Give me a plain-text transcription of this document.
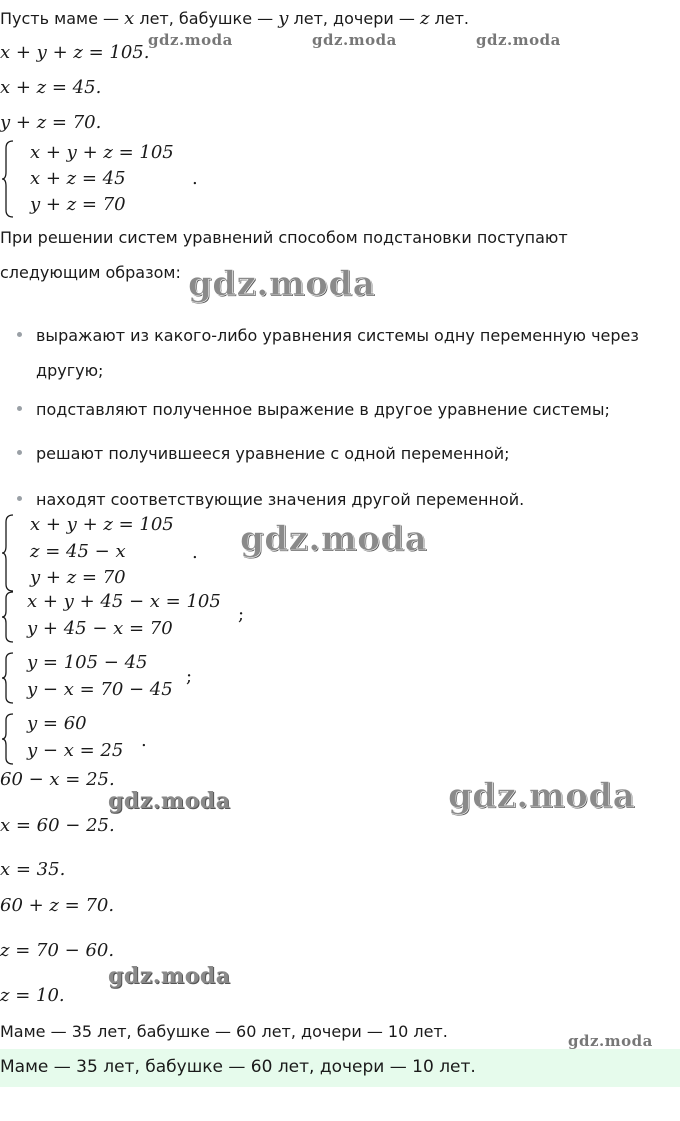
Пусть маме — x лет, бабушке — y лет, дочери — z лет.
x + y + z = 105.
x + z = 45.
y + z = 70.
x + y + z = 105
x + z = 45
y + z = 70
.
При решении систем уравнений способом подстановки поступают
следующим образом:
выражают из какого-либо уравнения системы одну переменную через другую;
подставляют полученное выражение в другое уравнение системы;
решают получившееся уравнение с одной переменной;
находят соответствующие значения другой переменной.
x + y + z = 105
z = 45 − x
y + z = 70
.
x + y + 45 − x = 105
y + 45 − x = 70
;
y = 105 − 45
y − x = 70 − 45
;
y = 60
y − x = 25 .
60 − x = 25.
x = 60 − 25.
x = 35.
60 + z = 70.
z = 70 − 60.
z = 10.
Маме — 35 лет, бабушке — 60 лет, дочери — 10 лет.
Маме — 35 лет, бабушке — 60 лет, дочери — 10 лет.
gdz.moda	gdz.moda	gdz.moda
gdz.moda
gdz.moda
gdz.moda	gdz.moda
gdz.moda
gdz.moda
